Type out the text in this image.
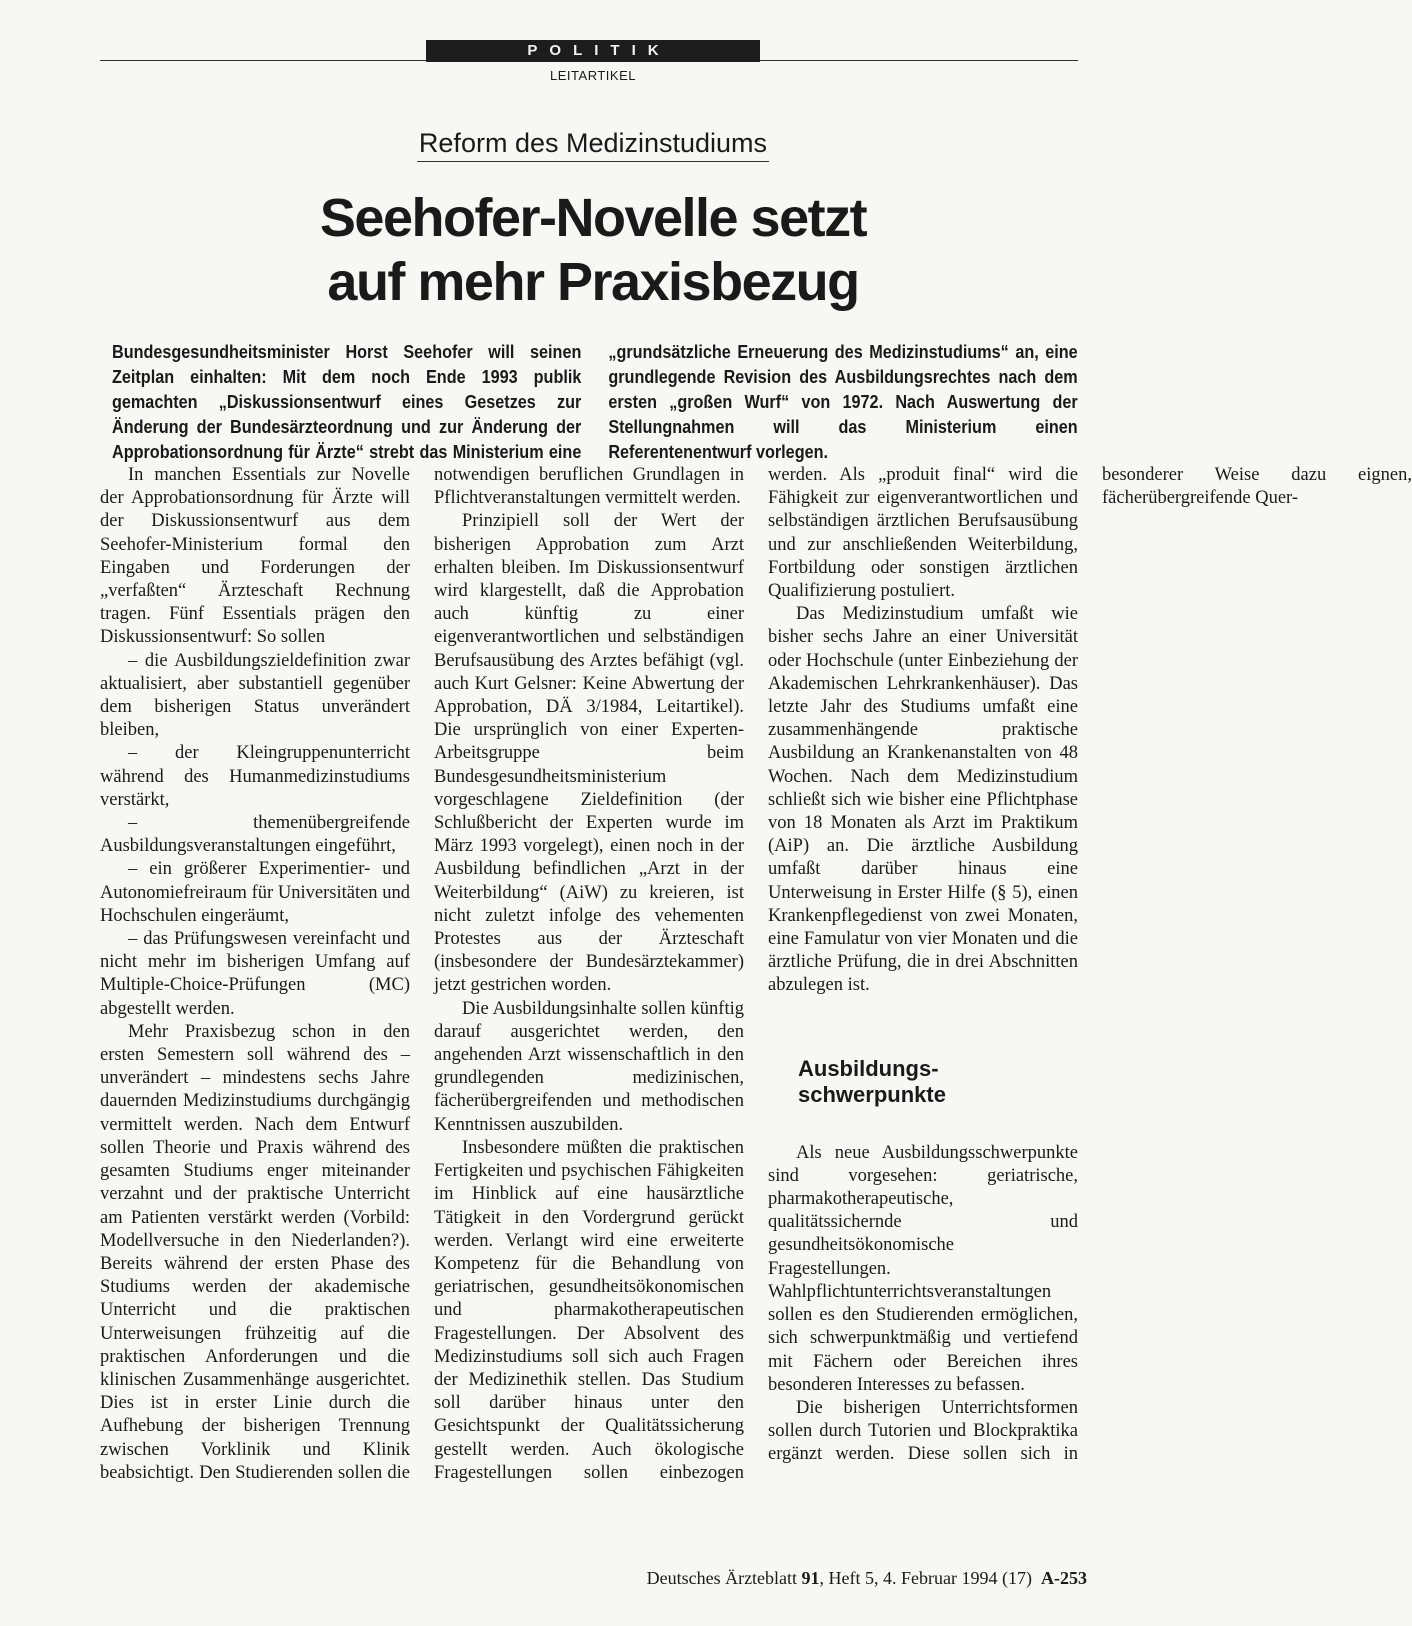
POLITIK
LEITARTIKEL
Reform des Medizinstudiums
Seehofer-Novelle setzt
auf mehr Praxisbezug
Bundesgesundheitsminister Horst Seehofer will seinen Zeitplan einhalten: Mit dem noch Ende 1993 publik gemachten „Diskussionsentwurf eines Gesetzes zur Änderung der Bundesärzteordnung und zur Änderung der Approbationsordnung für Ärzte“ strebt das Ministerium eine „grundsätzliche Erneuerung des Medizinstudiums“ an, eine grundlegende Revision des Ausbildungsrechtes nach dem ersten „großen Wurf“ von 1972. Nach Auswertung der Stellungnahmen will das Ministerium einen Referentenentwurf vorlegen.

In manchen Essentials zur Novelle der Approbationsordnung für Ärzte will der Diskussionsentwurf aus dem Seehofer-Ministerium formal den Eingaben und Forderungen der „verfaßten“ Ärzteschaft Rechnung tragen. Fünf Essentials prägen den Diskussionsentwurf: So sollen

– die Ausbildungszieldefinition zwar aktualisiert, aber substantiell gegenüber dem bisherigen Status unverändert bleiben,

– der Kleingruppenunterricht während des Humanmedizinstudiums verstärkt,

– themenübergreifende Ausbildungsveranstaltungen eingeführt,

– ein größerer Experimentier- und Autonomiefreiraum für Universitäten und Hochschulen eingeräumt,

– das Prüfungswesen vereinfacht und nicht mehr im bisherigen Umfang auf Multiple-Choice-Prüfungen (MC) abgestellt werden.

Mehr Praxisbezug schon in den ersten Semestern soll während des – unverändert – mindestens sechs Jahre dauernden Medizinstudiums durchgängig vermittelt werden. Nach dem Entwurf sollen Theorie und Praxis während des gesamten Studiums enger miteinander verzahnt und der praktische Unterricht am Patienten verstärkt werden (Vorbild: Modellversuche in den Niederlanden?). Bereits während der ersten Phase des Studiums werden der akademische Unterricht und die praktischen Unterweisungen frühzeitig auf die praktischen Anforderungen und die klinischen Zusammenhänge ausgerichtet. Dies ist in erster Linie durch die Aufhebung der bisherigen Trennung zwischen Vorklinik und Klinik beabsichtigt. Den Studierenden sollen die notwendigen beruflichen Grundlagen in Pflichtveranstaltungen vermittelt werden.

Prinzipiell soll der Wert der bisherigen Approbation zum Arzt erhalten bleiben. Im Diskussionsentwurf wird klargestellt, daß die Approbation auch künftig zu einer eigenverantwortlichen und selbständigen Berufsausübung des Arztes befähigt (vgl. auch Kurt Gelsner: Keine Abwertung der Approbation, DÄ 3/1984, Leitartikel). Die ursprünglich von einer Experten-Arbeitsgruppe beim Bundesgesundheitsministerium vorgeschlagene Zieldefinition (der Schlußbericht der Experten wurde im März 1993 vorgelegt), einen noch in der Ausbildung befindlichen „Arzt in der Weiterbildung“ (AiW) zu kreieren, ist nicht zuletzt infolge des vehementen Protestes aus der Ärzteschaft (insbesondere der Bundesärztekammer) jetzt gestrichen worden.

Die Ausbildungsinhalte sollen künftig darauf ausgerichtet werden, den angehenden Arzt wissenschaftlich in den grundlegenden medizinischen, fächerübergreifenden und methodischen Kenntnissen auszubilden.

Insbesondere müßten die praktischen Fertigkeiten und psychischen Fähigkeiten im Hinblick auf eine hausärztliche Tätigkeit in den Vordergrund gerückt werden. Verlangt wird eine erweiterte Kompetenz für die Behandlung von geriatrischen, gesundheitsökonomischen und pharmakotherapeutischen Fragestellungen. Der Absolvent des Medizinstudiums soll sich auch Fragen der Medizinethik stellen. Das Studium soll darüber hinaus unter den Gesichtspunkt der Qualitätssicherung gestellt werden. Auch ökologische Fragestellungen sollen einbezogen werden. Als „produit final“ wird die Fähigkeit zur eigenverantwortlichen und selbständigen ärztlichen Berufsausübung und zur anschließenden Weiterbildung, Fortbildung oder sonstigen ärztlichen Qualifizierung postuliert.

Das Medizinstudium umfaßt wie bisher sechs Jahre an einer Universität oder Hochschule (unter Einbeziehung der Akademischen Lehrkrankenhäuser). Das letzte Jahr des Studiums umfaßt eine zusammenhängende praktische Ausbildung an Krankenanstalten von 48 Wochen. Nach dem Medizinstudium schließt sich wie bisher eine Pflichtphase von 18 Monaten als Arzt im Praktikum (AiP) an. Die ärztliche Ausbildung umfaßt darüber hinaus eine Unterweisung in Erster Hilfe (§ 5), einen Krankenpflegedienst von zwei Monaten, eine Famulatur von vier Monaten und die ärztliche Prüfung, die in drei Abschnitten abzulegen ist.

Ausbildungs-
schwerpunkte

Als neue Ausbildungsschwerpunkte sind vorgesehen: geriatrische, pharmakotherapeutische, qualitätssichernde und gesundheitsökonomische Fragestellungen. Wahlpflichtunterrichtsveranstaltungen sollen es den Studierenden ermöglichen, sich schwerpunktmäßig und vertiefend mit Fächern oder Bereichen ihres besonderen Interesses zu befassen.

Die bisherigen Unterrichtsformen sollen durch Tutorien und Blockpraktika ergänzt werden. Diese sollen sich in besonderer Weise dazu eignen, fächerübergreifende Quer-

Deutsches Ärzteblatt 91, Heft 5, 4. Februar 1994 (17) A-253
